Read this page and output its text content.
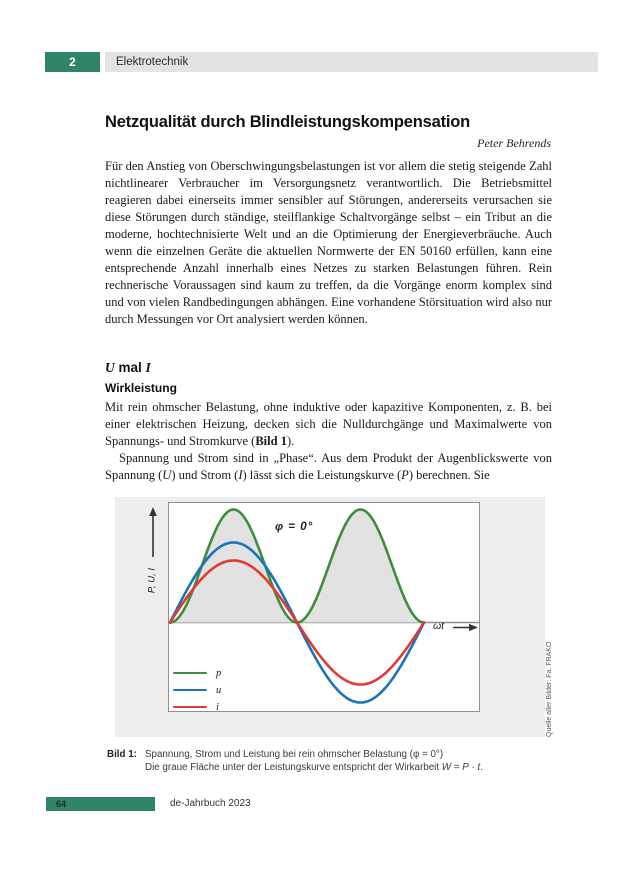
2	Elektrotechnik
Netzqualität durch Blindleistungskompensation
Peter Behrends

Für den Anstieg von Oberschwingungsbelastungen ist vor allem die stetig steigende Zahl nichtlinearer Verbraucher im Versorgungsnetz verantwortlich. Die Betriebsmittel reagieren dabei einerseits immer sensibler auf Störungen, andererseits verursachen sie diese Störungen durch ständige, steilflankige Schaltvorgänge selbst – ein Tribut an die moderne, hochtechnisierte Welt und an die Optimierung der Energieverbräuche. Auch wenn die einzelnen Geräte die aktuellen Normwerte der EN 50160 erfüllen, kann eine entsprechende Anzahl innerhalb eines Netzes zu starken Belastungen führen. Rein rechnerische Voraussagen sind kaum zu treffen, da die Vorgänge enorm komplex sind und von vielen Randbedingungen abhängen. Eine vorhandene Störsituation wird also nur durch Messungen vor Ort analysiert werden können.

U mal I
Wirkleistung

Mit rein ohmscher Belastung, ohne induktive oder kapazitive Komponenten, z. B. bei einer elektrischen Heizung, decken sich die Nulldurchgänge und Maximalwerte von Spannungs- und Stromkurve (Bild 1).

Spannung und Strom sind in „Phase“. Aus dem Produkt der Augenblickswerte von Spannung (U) und Strom (I) lässt sich die Leistungskurve (P) berechnen. Sie

P, U, I
φ = 0°
ωt
p
u
i	Quelle aller Bilder: Fa. FRAKO
Bild 1: Spannung, Strom und Leistung bei rein ohmscher Belastung (φ = 0°)
Die graue Fläche unter der Leistungskurve entspricht der Wirkarbeit W = P · t.
64	de-Jahrbuch 2023
